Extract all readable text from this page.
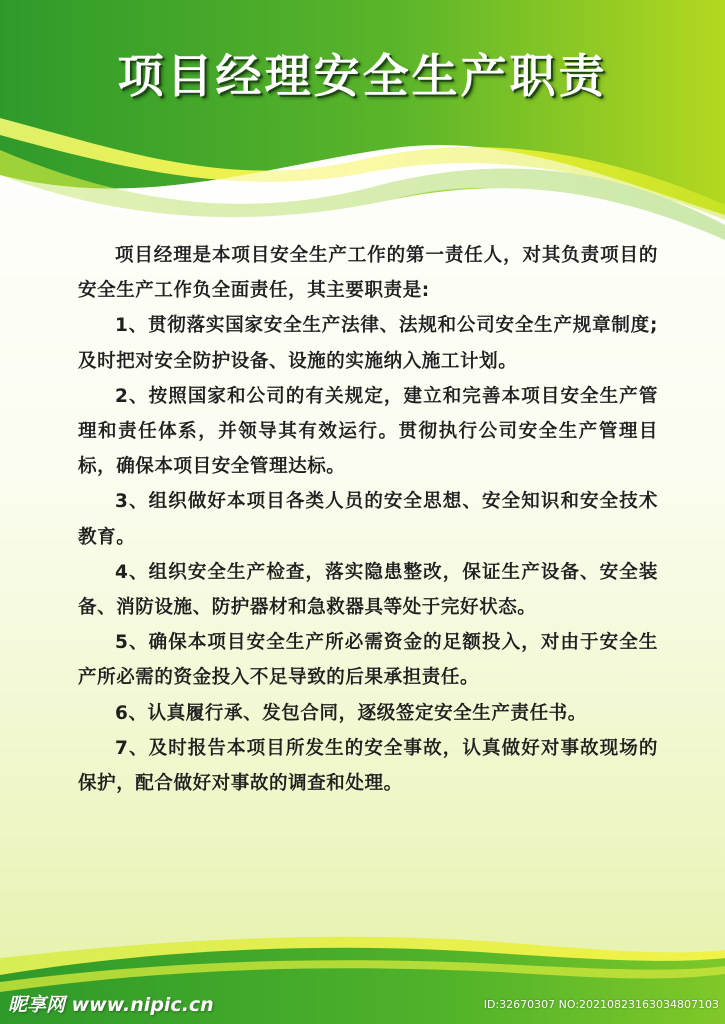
项目经理安全生产职责

项目经理是本项目安全生产工作的第一责任人，对其负责项目的安全生产工作负全面责任，其主要职责是:

1、贯彻落实国家安全生产法律、法规和公司安全生产规章制度;及时把对安全防护设备、设施的实施纳入施工计划。

2、按照国家和公司的有关规定，建立和完善本项目安全生产管理和责任体系，并领导其有效运行。贯彻执行公司安全生产管理目标，确保本项目安全管理达标。

3、组织做好本项目各类人员的安全思想、安全知识和安全技术教育。

4、组织安全生产检查，落实隐患整改，保证生产设备、安全装备、消防设施、防护器材和急救器具等处于完好状态。

5、确保本项目安全生产所必需资金的足额投入，对由于安全生产所必需的资金投入不足导致的后果承担责任。

6、认真履行承、发包合同，逐级签定安全生产责任书。

7、及时报告本项目所发生的安全事故，认真做好对事故现场的保护，配合做好对事故的调查和处理。

昵享网 www.nipic.cn	ID:32670307 NO:20210823163034807103
